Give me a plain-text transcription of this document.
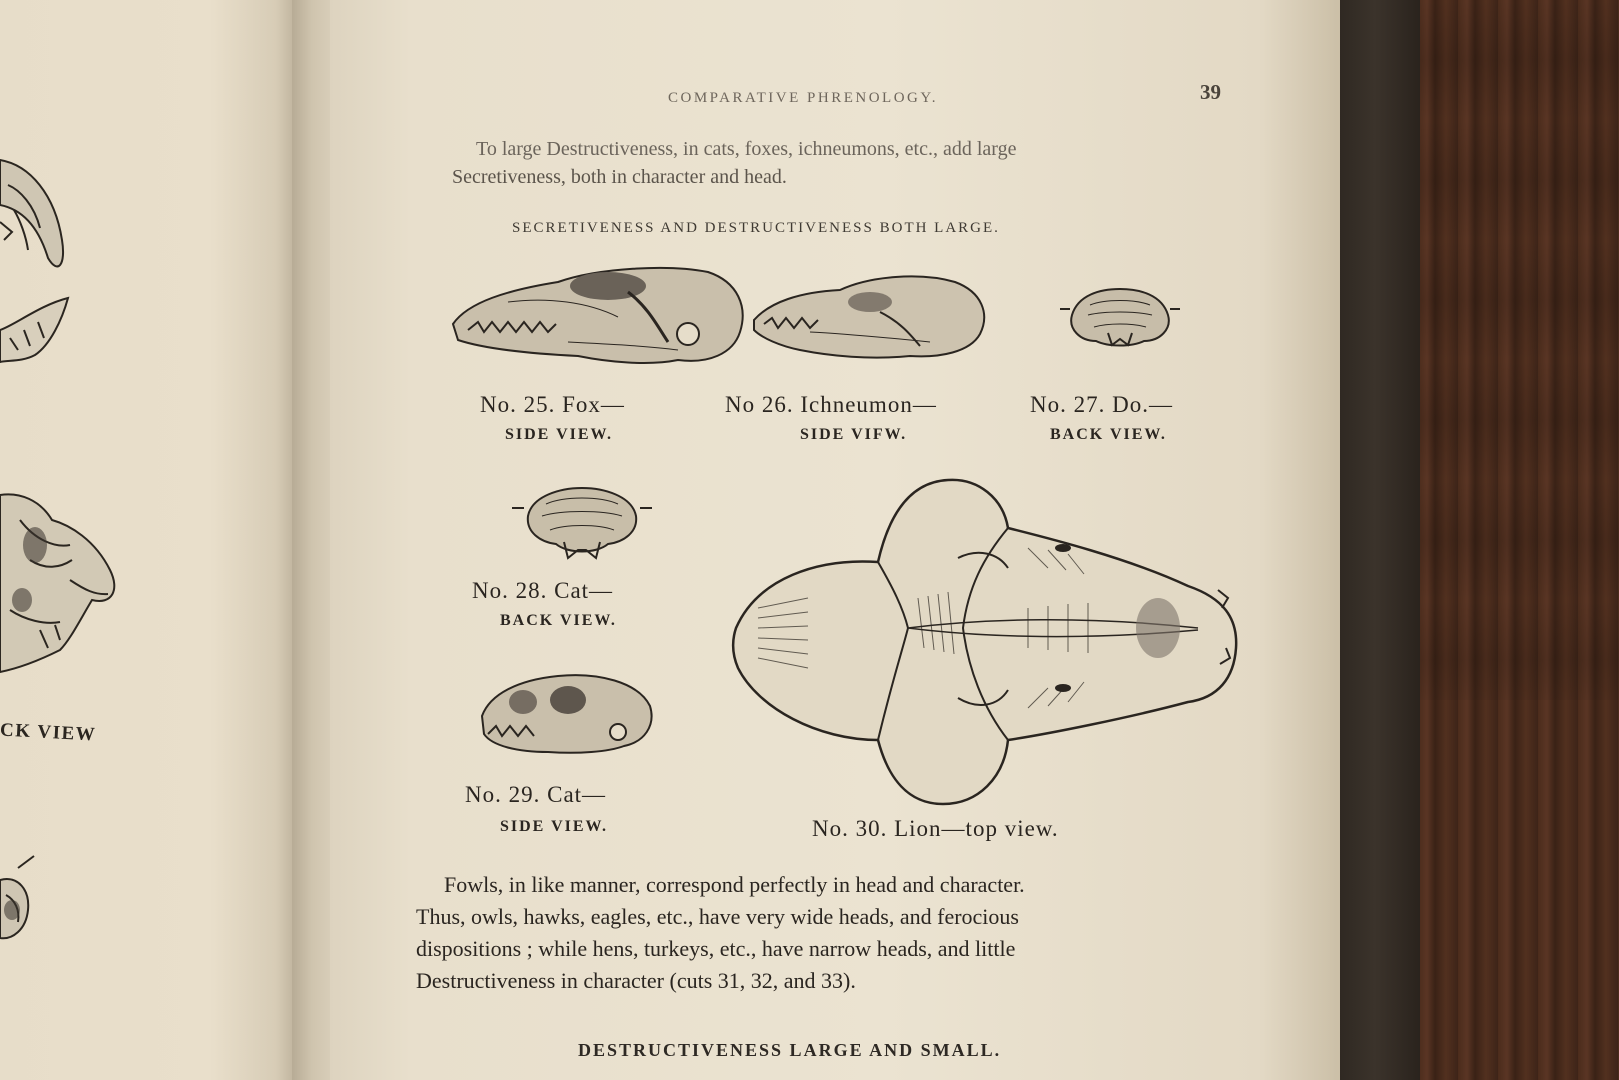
CK VIEW
COMPARATIVE PHRENOLOGY.	39
To large Destructiveness, in cats, foxes, ichneumons, etc., add large
Secretiveness, both in character and head.
SECRETIVENESS AND DESTRUCTIVENESS BOTH LARGE.
No. 25. Fox—
SIDE VIEW.
No 26. Ichneumon—
SIDE VIFW.
No. 27. Do.—
BACK VIEW.
No. 28. Cat—
BACK VIEW.
No. 29. Cat—
SIDE VIEW.	No. 30. Lion—top view.
Fowls, in like manner, correspond perfectly in head and character.
Thus, owls, hawks, eagles, etc., have very wide heads, and ferocious
dispositions ; while hens, turkeys, etc., have narrow heads, and little
Destructiveness in character (cuts 31, 32, and 33).
DESTRUCTIVENESS LARGE AND SMALL.
